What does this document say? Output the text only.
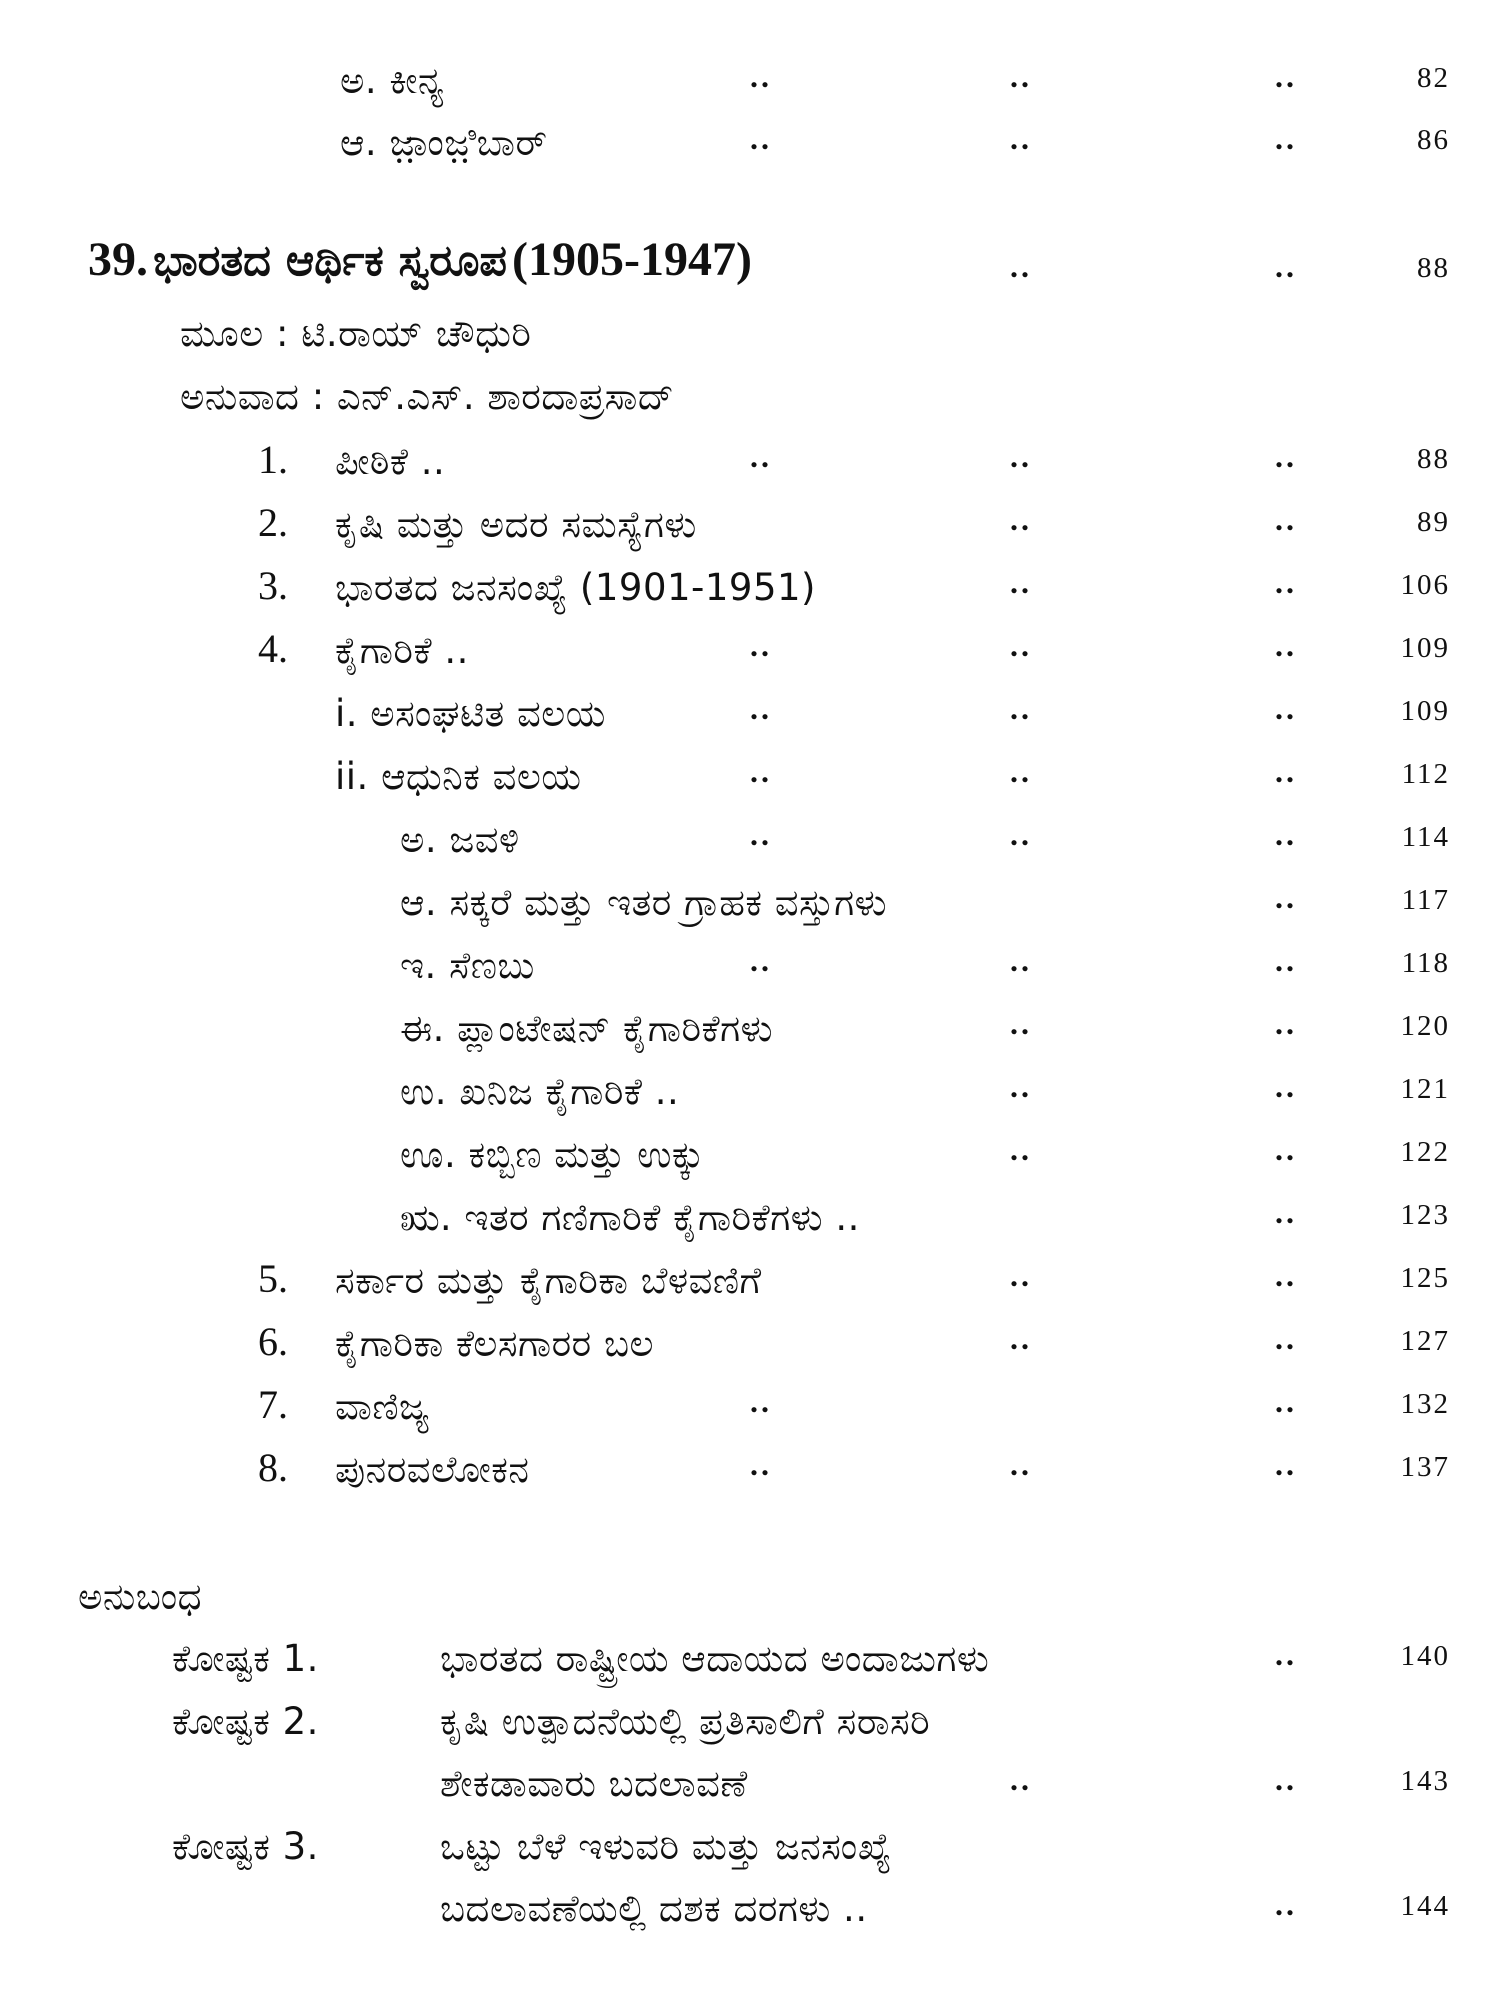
ಅ. ಕೀನ್ಯ	..	..	..	82
ಆ. ಜ಼ಾಂಜ಼ಿಬಾರ್	..	..	..	86
39. ಭಾರತದ ಆರ್ಥಿಕ ಸ್ವರೂಪ (1905-1947)	..	..	88
ಮೂಲ : ಟಿ.ರಾಯ್ ಚೌಧುರಿ
ಅನುವಾದ : ಎನ್.ಎಸ್. ಶಾರದಾಪ್ರಸಾದ್
1. ಪೀಠಿಕೆ ..	..	..	..	88
2. ಕೃಷಿ ಮತ್ತು ಅದರ ಸಮಸ್ಯೆಗಳು	..	..	89
3. ಭಾರತದ ಜನಸಂಖ್ಯೆ (1901-1951)	..	..	106
4. ಕೈಗಾರಿಕೆ ..	..	..	..	109
i. ಅಸಂಘಟಿತ ವಲಯ	..	..	..	109
ii. ಆಧುನಿಕ ವಲಯ	..	..	..	112
ಅ. ಜವಳಿ	..	..	..	114
ಆ. ಸಕ್ಕರೆ ಮತ್ತು ಇತರ ಗ್ರಾಹಕ ವಸ್ತುಗಳು	..	117
ಇ. ಸೆಣಬು	..	..	..	118
ಈ. ಪ್ಲಾಂಟೇಷನ್ ಕೈಗಾರಿಕೆಗಳು	..	..	120
ಉ. ಖನಿಜ ಕೈಗಾರಿಕೆ ..	..	..	121
ಊ. ಕಬ್ಬಿಣ ಮತ್ತು ಉಕ್ಕು	..	..	122
ಋ. ಇತರ ಗಣಿಗಾರಿಕೆ ಕೈಗಾರಿಕೆಗಳು ..	..	123
5. ಸರ್ಕಾರ ಮತ್ತು ಕೈಗಾರಿಕಾ ಬೆಳವಣಿಗೆ	..	..	125
6. ಕೈಗಾರಿಕಾ ಕೆಲಸಗಾರರ ಬಲ	..	..	127
7. ವಾಣಿಜ್ಯ	..	..	132
8. ಪುನರವಲೋಕನ	..	..	..	137
ಅನುಬಂಧ
ಕೋಷ್ಟಕ 1.	ಭಾರತದ ರಾಷ್ಟ್ರೀಯ ಆದಾಯದ ಅಂದಾಜುಗಳು	..	140
ಕೋಷ್ಟಕ 2.	ಕೃಷಿ ಉತ್ಪಾದನೆಯಲ್ಲಿ ಪ್ರತಿಸಾಲಿಗೆ ಸರಾಸರಿ
ಶೇಕಡಾವಾರು ಬದಲಾವಣೆ	..	..	143
ಕೋಷ್ಟಕ 3.	ಒಟ್ಟು ಬೆಳೆ ಇಳುವರಿ ಮತ್ತು ಜನಸಂಖ್ಯೆ
ಬದಲಾವಣೆಯಲ್ಲಿ ದಶಕ ದರಗಳು ..	..	144
